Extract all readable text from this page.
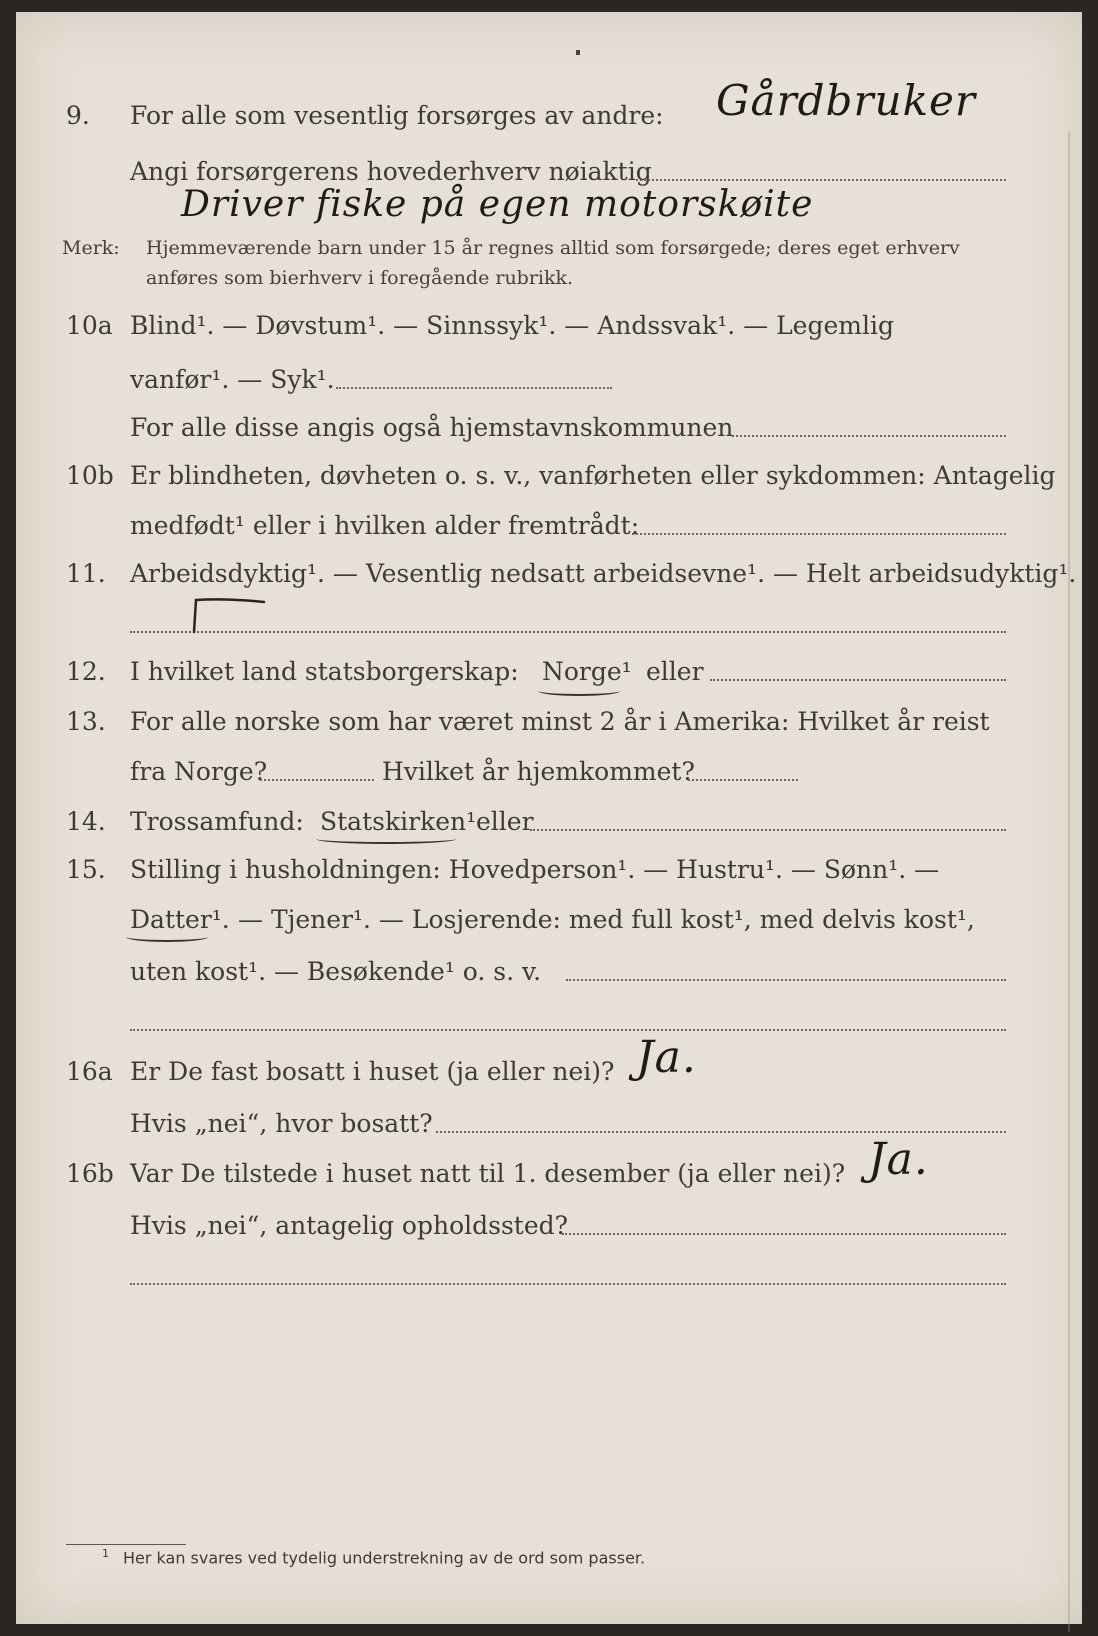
9. For alle som vesentlig forsørges av andre: Gårdbruker
Angi forsørgerens hovederhverv nøiaktig
Driver fiske på egen motorskøite
Merk: Hjemmeværende barn under 15 år regnes alltid som forsørgede; deres eget erhverv
anføres som bierhverv i foregående rubrikk.
10a Blind¹. — Døvstum¹. — Sinnssyk¹. — Andssvak¹. — Legemlig
vanfør¹. — Syk¹.
For alle disse angis også hjemstavnskommunen
10b Er blindheten, døvheten o. s. v., vanførheten eller sykdommen: Antagelig
medfødt¹ eller i hvilken alder fremtrådt:
11. Arbeidsdyktig¹. — Vesentlig nedsatt arbeidsevne¹. — Helt arbeidsudyktig¹.
12. I hvilket land statsborgerskap: Norge¹ eller
13. For alle norske som har været minst 2 år i Amerika: Hvilket år reist
fra Norge?	Hvilket år hjemkommet?
14. Trossamfund: Statskirken¹ eller
15. Stilling i husholdningen: Hovedperson¹. — Hustru¹. — Sønn¹. —
Datter¹. — Tjener¹. — Losjerende: med full kost¹, med delvis kost¹,
uten kost¹. — Besøkende¹ o. s. v.
16a Er De fast bosatt i huset (ja eller nei)? Ja.
Hvis „nei“, hvor bosatt?
16b Var De tilstede i huset natt til 1. desember (ja eller nei)? Ja.
Hvis „nei“, antagelig opholdssted?
$^1$ Her kan svares ved tydelig understrekning av de ord som passer.
